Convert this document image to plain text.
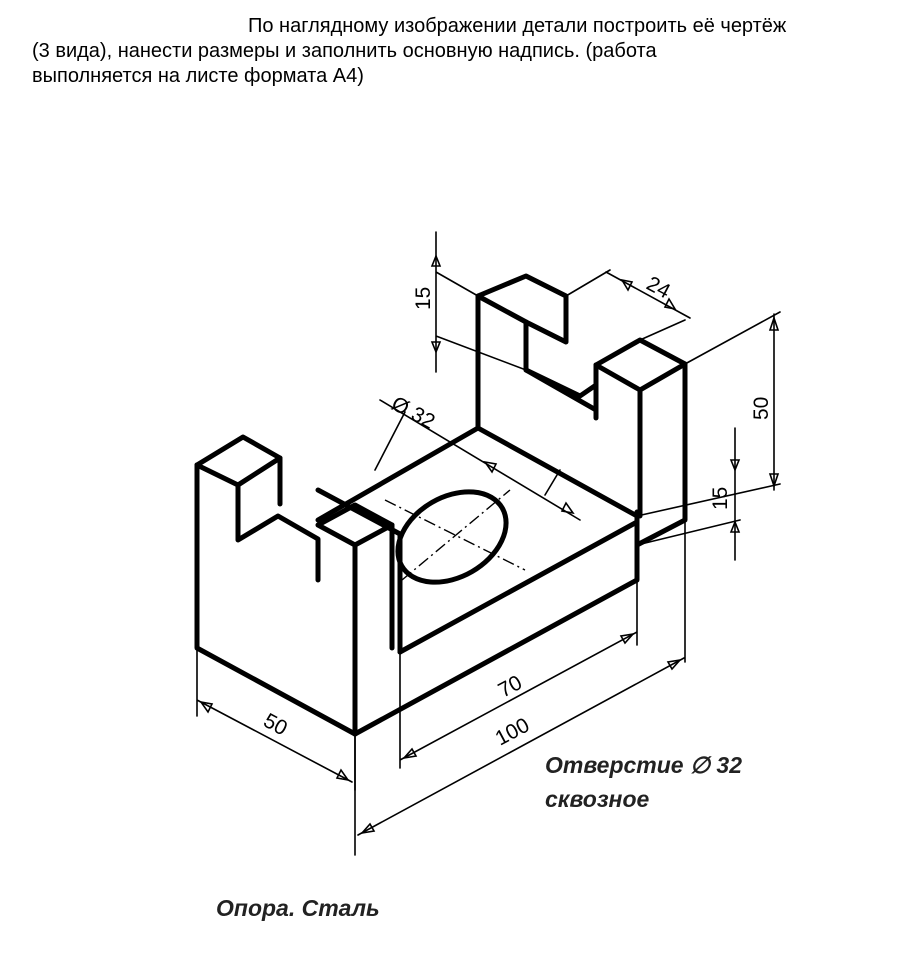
По наглядному изображении детали построить её чертёж
(3 вида), нанести размеры и заполнить основную надпись. (работа
выполняется на листе формата А4)

15	24
50
15
Ø 32
70
100
50

Отверстие ∅ 32

сквозное

Опора. Сталь
